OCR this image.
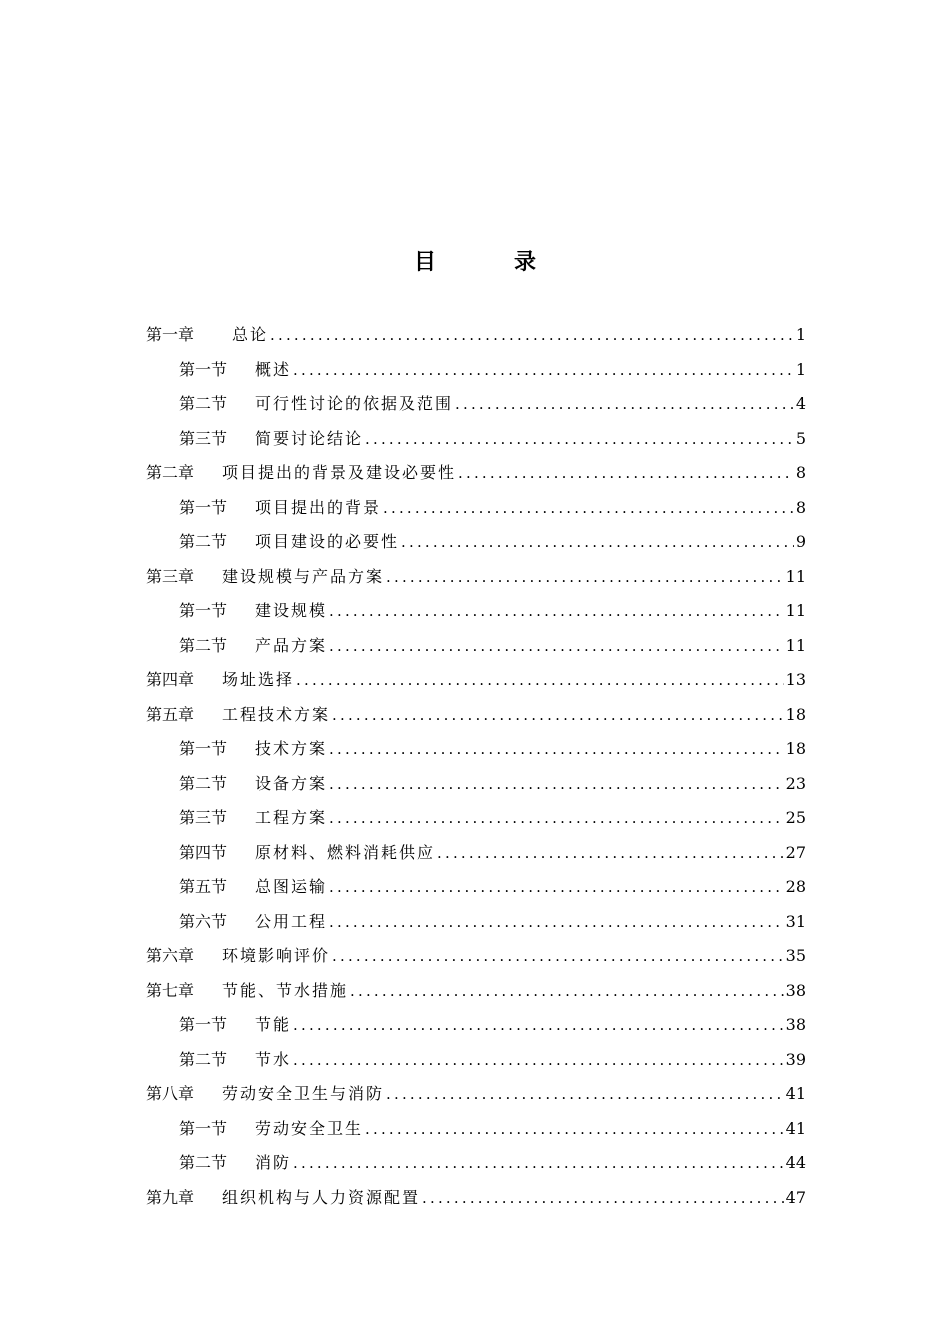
目　录
第一章	总论 .....	1
第一节	概述 .....	1
第二节	可行性讨论的依据及范围 .....	4
第三节	简要讨论结论 .....	5
第二章	项目提出的背景及建设必要性 .....	8
第一节	项目提出的背景 .....	8
第二节	项目建设的必要性 .....	9
第三章	建设规模与产品方案 .....	11
第一节	建设规模 .....	11
第二节	产品方案 .....	11
第四章	场址选择 .....	13
第五章	工程技术方案 .....	18
第一节	技术方案 .....	18
第二节	设备方案 .....	23
第三节	工程方案 .....	25
第四节	原材料、燃料消耗供应 .....	27
第五节	总图运输 .....	28
第六节	公用工程 .....	31
第六章	环境影响评价 .....	35
第七章	节能、节水措施 .....	38
第一节	节能 .....	38
第二节	节水 .....	39
第八章	劳动安全卫生与消防 .....	41
第一节	劳动安全卫生 .....	41
第二节	消防 .....	44
第九章	组织机构与人力资源配置 .....	47
